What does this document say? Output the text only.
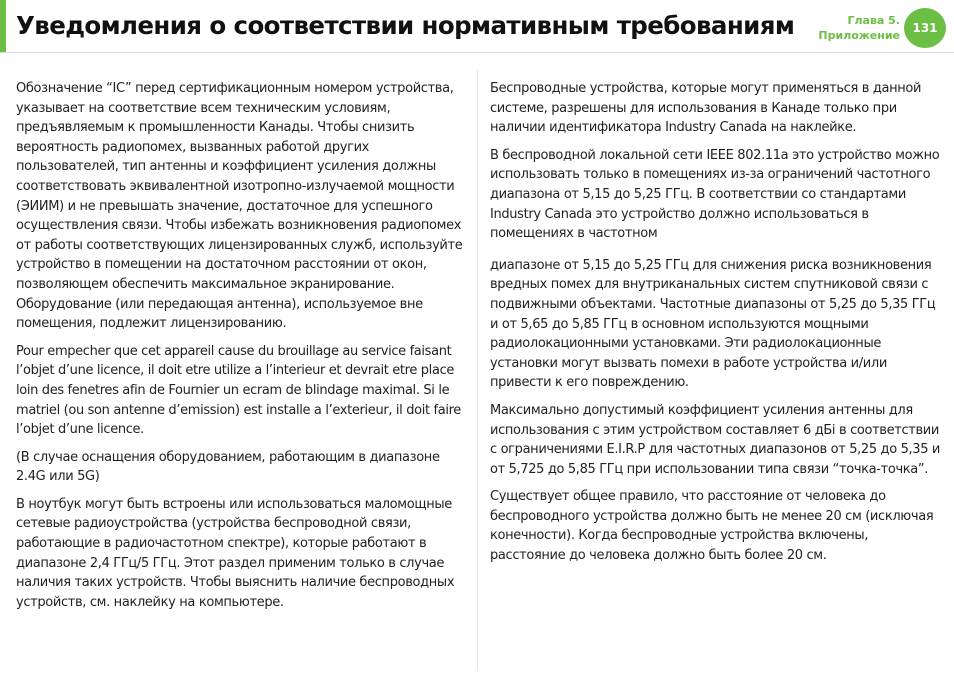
Уведомления о соответствии нормативным требованиям	Глава 5.
Приложение
131

Обозначение “IC” перед сертификационным номером устройства, указывает на соответствие всем техническим условиям, предъявляемым к промышленности Канады. Чтобы снизить вероятность радиопомех, вызванных работой других пользователей, тип антенны и коэффициент усиления должны соответствовать эквивалентной изотропно-излучаемой мощности (ЭИИМ) и не превышать значение, достаточное для успешного осуществления связи. Чтобы избежать возникновения радиопомех от работы соответствующих лицензированных служб, используйте устройство в помещении на достаточном расстоянии от окон, позволяющем обеспечить максимальное экранирование. Оборудование (или передающая антенна), используемое вне помещения, подлежит лицензированию.

Pour empecher que cet appareil cause du brouillage au service faisant l’objet d’une licence, il doit etre utilize a l’interieur et devrait etre place loin des fenetres afin de Fournier un ecram de blindage maximal. Si le matriel (ou son antenne d’emission) est installe a l’exterieur, il doit faire l’objet d’une licence.

(В случае оснащения оборудованием, работающим в диапазоне 2.4G или 5G)

В ноутбук могут быть встроены или использоваться маломощные сетевые радиоустройства (устройства беспроводной связи, работающие в радиочастотном спектре), которые работают в диапазоне 2,4 ГГц/5 ГГц. Этот раздел применим только в случае наличия таких устройств. Чтобы выяснить наличие беспроводных устройств, см. наклейку на компьютере.

Беспроводные устройства, которые могут применяться в данной системе, разрешены для использования в Канаде только при наличии идентификатора Industry Canada на наклейке.

В беспроводной локальной сети IEEE 802.11a это устройство можно использовать только в помещениях из-за ограничений частотного диапазона от 5,15 до 5,25 ГГц. В соответствии со стандартами Industry Canada это устройство должно использоваться в помещениях в частотном

диапазоне от 5,15 до 5,25 ГГц для снижения риска возникновения вредных помех для внутриканальных систем спутниковой связи с подвижными объектами. Частотные диапазоны от 5,25 до 5,35 ГГц и от 5,65 до 5,85 ГГц в основном используются мощными радиолокационными установками. Эти радиолокационные установки могут вызвать помехи в работе устройства и/или привести к его повреждению.

Максимально допустимый коэффициент усиления антенны для использования с этим устройством составляет 6 дБi в соответствии с ограничениями E.I.R.P для частотных диапазонов от 5,25 до 5,35 и от 5,725 до 5,85 ГГц при использовании типа связи “точка-точка”.

Существует общее правило, что расстояние от человека до беспроводного устройства должно быть не менее 20 см (исключая конечности). Когда беспроводные устройства включены, расстояние до человека должно быть более 20 см.
